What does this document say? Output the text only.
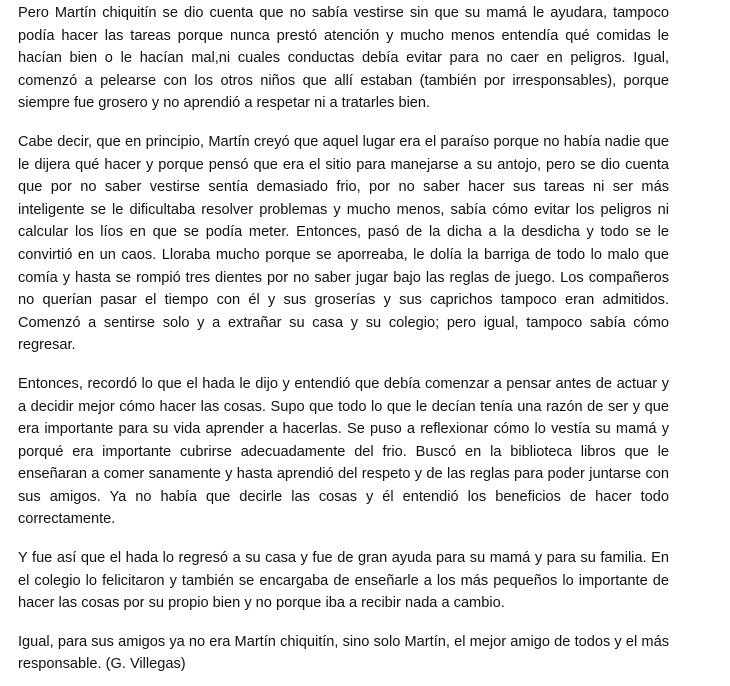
Pero Martín chiquitín se dio cuenta que no sabía vestirse sin que su mamá le ayudara, tampoco podía hacer las tareas porque nunca prestó atención y mucho menos entendía qué comidas le hacían bien o le hacían mal,ni cuales conductas debía evitar para no caer en peligros. Igual, comenzó a pelearse con los otros niños que allí estaban (también por irresponsables), porque siempre fue grosero y no aprendió a respetar ni a tratarles bien.

Cabe decir, que en principio, Martín creyó que aquel lugar era el paraíso porque no había nadie que le dijera qué hacer y porque pensó que era el sitio para manejarse a su antojo, pero se dio cuenta que por no saber vestirse sentía demasiado frio, por no saber hacer sus tareas ni ser más inteligente se le dificultaba resolver problemas y mucho menos, sabía cómo evitar los peligros ni calcular los líos en que se podía meter. Entonces, pasó de la dicha a la desdicha y todo se le convirtió en un caos. Lloraba mucho porque se aporreaba, le dolía la barriga de todo lo malo que comía y hasta se rompió tres dientes por no saber jugar bajo las reglas de juego. Los compañeros no querían pasar el tiempo con él y sus groserías y sus caprichos tampoco eran admitidos. Comenzó a sentirse solo y a extrañar su casa y su colegio; pero igual, tampoco sabía cómo regresar.

Entonces, recordó lo que el hada le dijo y entendió que debía comenzar a pensar antes de actuar y a decidir mejor cómo hacer las cosas. Supo que todo lo que le decían tenía una razón de ser y que era importante para su vida aprender a hacerlas. Se puso a reflexionar cómo lo vestía su mamá y porqué era importante cubrirse adecuadamente del frio. Buscó en la biblioteca libros que le enseñaran a comer sanamente y hasta aprendió del respeto y de las reglas para poder juntarse con sus amigos. Ya no había que decirle las cosas y él entendió los beneficios de hacer todo correctamente.

Y fue así que el hada lo regresó a su casa y fue de gran ayuda para su mamá y para su familia. En el colegio lo felicitaron y también se encargaba de enseñarle a los más pequeños lo importante de hacer las cosas por su propio bien y no porque iba a recibir nada a cambio.

Igual, para sus amigos ya no era Martín chiquitín, sino solo Martín, el mejor amigo de todos y el más responsable. (G. Villegas)
